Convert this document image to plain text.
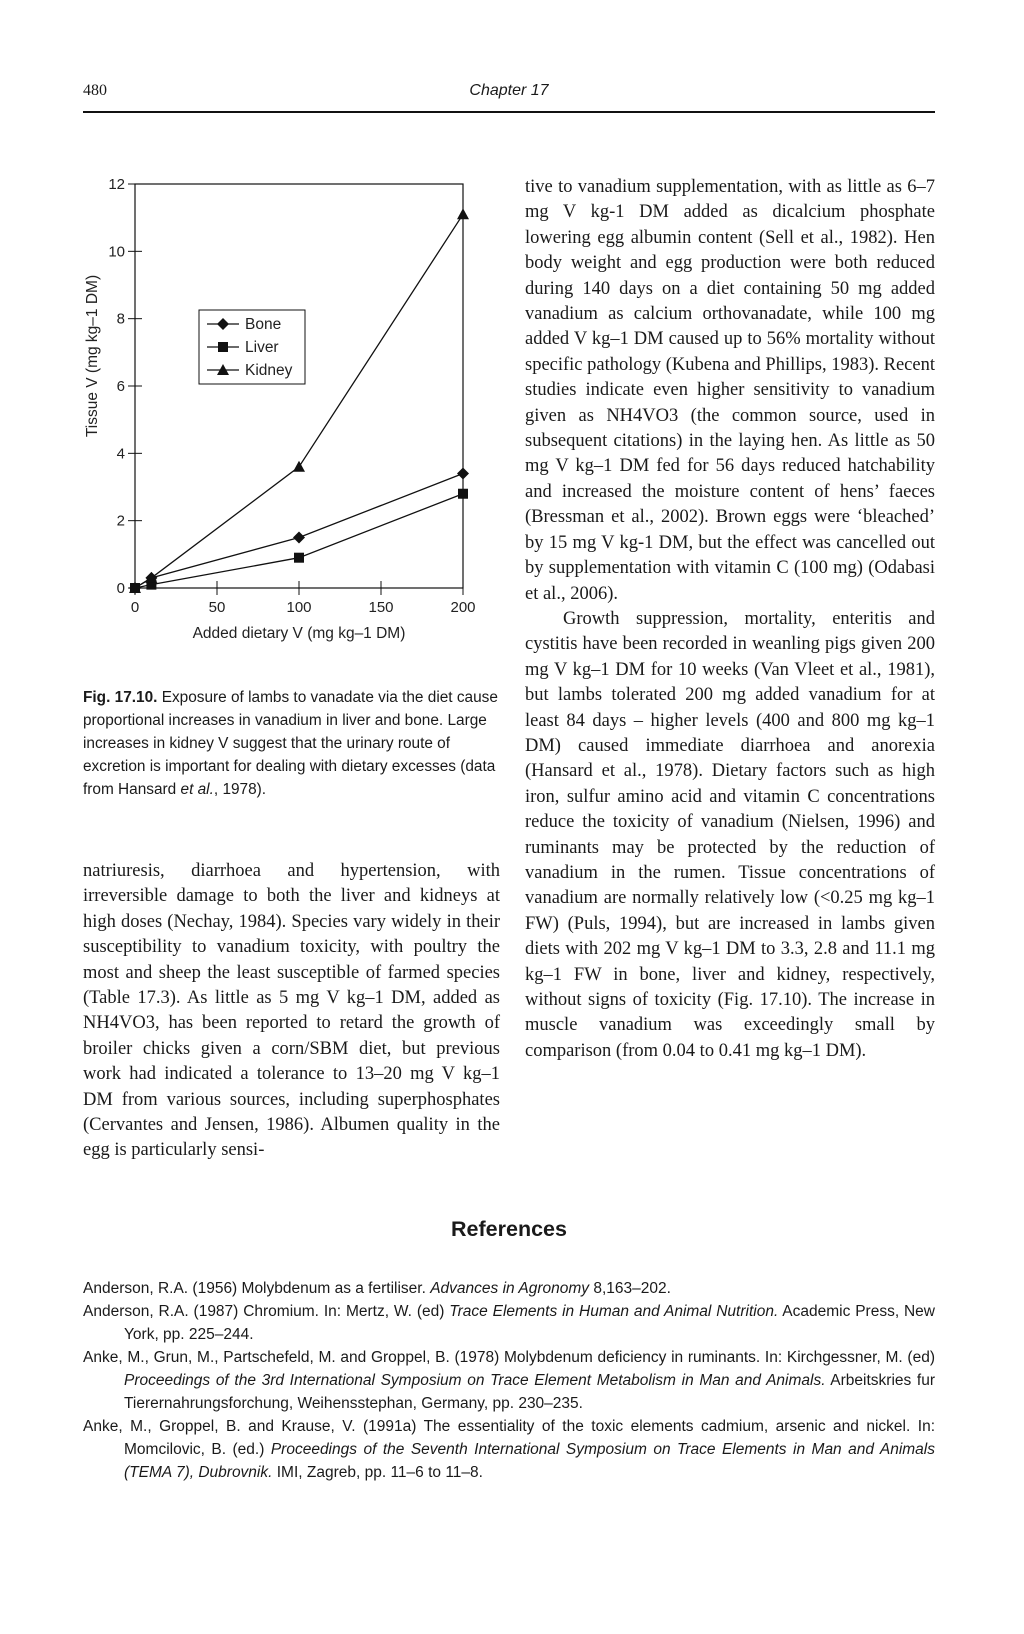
480	Chapter 17
0
2
4
6
8
10
12
0	50	100	150	200
Added dietary V (mg kg–1 DM)
Tissue V (mg kg–1 DM)	Bone
Liver
Kidney
Fig. 17.10. Exposure of lambs to vanadate via the diet cause proportional increases in vanadium in liver and bone. Large increases in kidney V suggest that the urinary route of excretion is important for dealing with dietary excesses (data from Hansard et al., 1978).

natriuresis, diarrhoea and hypertension, with irreversible damage to both the liver and kidneys at high doses (Nechay, 1984). Species vary widely in their susceptibility to vanadium toxicity, with poultry the most and sheep the least susceptible of farmed species (Table 17.3). As little as 5 mg V kg–1 DM, added as NH4VO3, has been reported to retard the growth of broiler chicks given a corn/SBM diet, but previous work had indicated a tolerance to 13–20 mg V kg–1 DM from various sources, including superphosphates (Cervantes and Jensen, 1986). Albumen quality in the egg is particularly sensi-

tive to vanadium supplementation, with as little as 6–7 mg V kg-1 DM added as dicalcium phosphate lowering egg albumin content (Sell et al., 1982). Hen body weight and egg production were both reduced during 140 days on a diet containing 50 mg added vanadium as calcium orthovanadate, while 100 mg added V kg–1 DM caused up to 56% mortality without specific pathology (Kubena and Phillips, 1983). Recent studies indicate even higher sensitivity to vanadium given as NH4VO3 (the common source, used in subsequent citations) in the laying hen. As little as 50 mg V kg–1 DM fed for 56 days reduced hatchability and increased the moisture content of hens’ faeces (Bressman et al., 2002). Brown eggs were ‘bleached’ by 15 mg V kg-1 DM, but the effect was cancelled out by supplementation with vitamin C (100 mg) (Odabasi et al., 2006).

Growth suppression, mortality, enteritis and cystitis have been recorded in weanling pigs given 200 mg V kg–1 DM for 10 weeks (Van Vleet et al., 1981), but lambs tolerated 200 mg added vanadium for at least 84 days – higher levels (400 and 800 mg kg–1 DM) caused immediate diarrhoea and anorexia (Hansard et al., 1978). Dietary factors such as high iron, sulfur amino acid and vitamin C concentrations reduce the toxicity of vanadium (Nielsen, 1996) and ruminants may be protected by the reduction of vanadium in the rumen. Tissue concentrations of vanadium are normally relatively low (<0.25 mg kg–1 FW) (Puls, 1994), but are increased in lambs given diets with 202 mg V kg–1 DM to 3.3, 2.8 and 11.1 mg kg–1 FW in bone, liver and kidney, respectively, without signs of toxicity (Fig. 17.10). The increase in muscle vanadium was exceedingly small by comparison (from 0.04 to 0.41 mg kg–1 DM).

References
Anderson, R.A. (1956) Molybdenum as a fertiliser. Advances in Agronomy 8,163–202.
Anderson, R.A. (1987) Chromium. In: Mertz, W. (ed) Trace Elements in Human and Animal Nutrition. Academic Press, New York, pp. 225–244.
Anke, M., Grun, M., Partschefeld, M. and Groppel, B. (1978) Molybdenum deficiency in ruminants. In: Kirchgessner, M. (ed) Proceedings of the 3rd International Symposium on Trace Element Metabolism in Man and Animals. Arbeitskries fur Tierernahrungsforchung, Weihensstephan, Germany, pp. 230–235.
Anke, M., Groppel, B. and Krause, V. (1991a) The essentiality of the toxic elements cadmium, arsenic and nickel. In: Momcilovic, B. (ed.) Proceedings of the Seventh International Symposium on Trace Elements in Man and Animals (TEMA 7), Dubrovnik. IMI, Zagreb, pp. 11–6 to 11–8.
